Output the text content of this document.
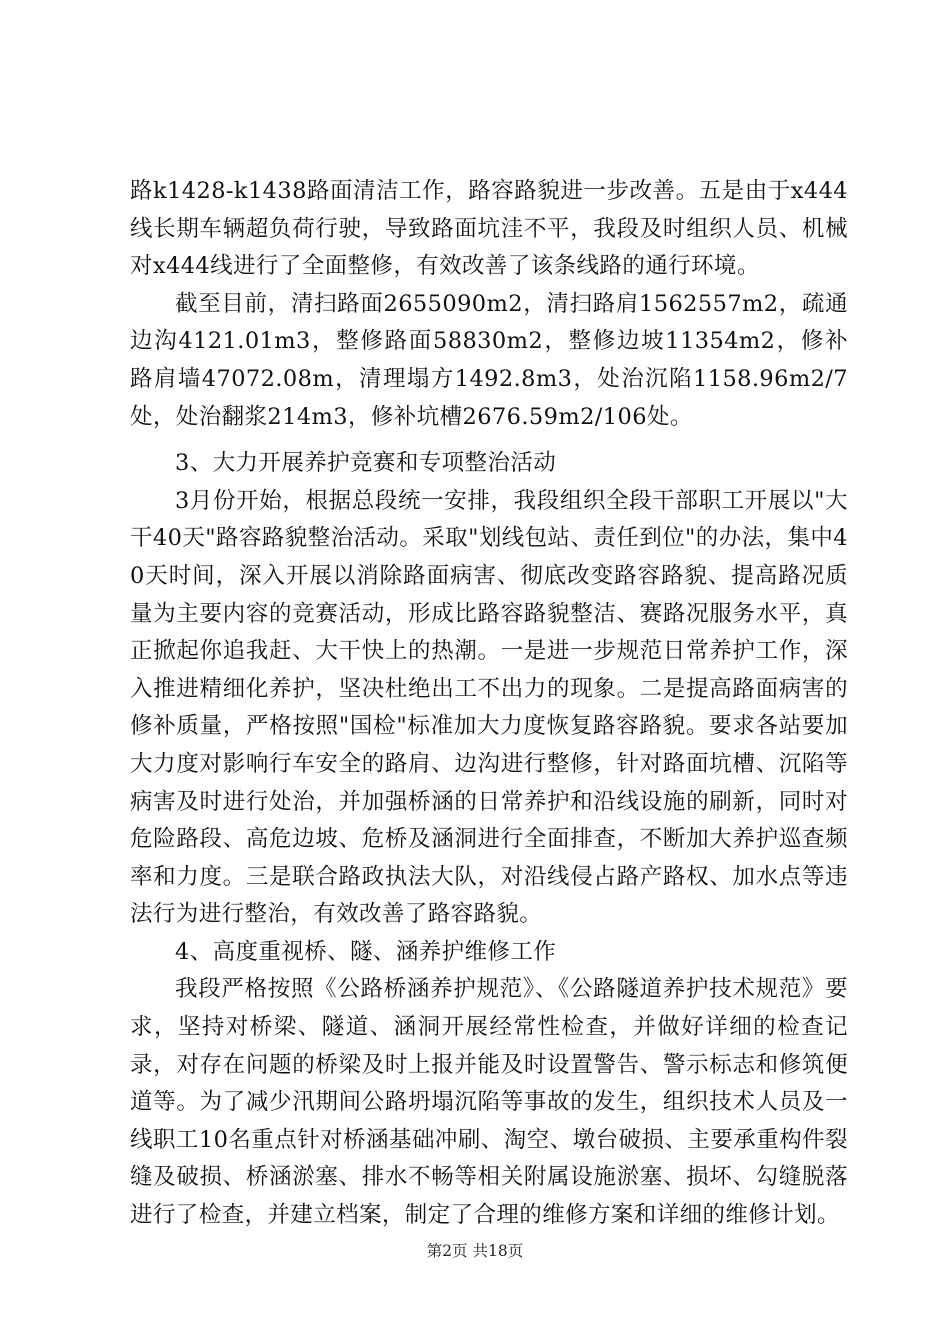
路k1428-k1438路面清洁工作，路容路貌进一步改善。五是由于x444线长期车辆超负荷行驶，导致路面坑洼不平，我段及时组织人员、机械对x444线进行了全面整修，有效改善了该条线路的通行环境。

截至目前，清扫路面2655090m2，清扫路肩1562557m2，疏通边沟4121.01m3，整修路面58830m2，整修边坡11354m2，修补路肩墙47072.08m，清理塌方1492.8m3，处治沉陷1158.96m2/7处，处治翻浆214m3，修补坑槽2676.59m2/106处。

3、大力开展养护竞赛和专项整治活动

3月份开始，根据总段统一安排，我段组织全段干部职工开展以"大干40天"路容路貌整治活动。采取"划线包站、责任到位"的办法，集中40天时间，深入开展以消除路面病害、彻底改变路容路貌、提高路况质量为主要内容的竞赛活动，形成比路容路貌整洁、赛路况服务水平，真正掀起你追我赶、大干快上的热潮。一是进一步规范日常养护工作，深入推进精细化养护，坚决杜绝出工不出力的现象。二是提高路面病害的修补质量，严格按照"国检"标准加大力度恢复路容路貌。要求各站要加大力度对影响行车安全的路肩、边沟进行整修，针对路面坑槽、沉陷等病害及时进行处治，并加强桥涵的日常养护和沿线设施的刷新，同时对危险路段、高危边坡、危桥及涵洞进行全面排查，不断加大养护巡查频率和力度。三是联合路政执法大队，对沿线侵占路产路权、加水点等违法行为进行整治，有效改善了路容路貌。

4、高度重视桥、隧、涵养护维修工作

我段严格按照《公路桥涵养护规范》、《公路隧道养护技术规范》要求，坚持对桥梁、隧道、涵洞开展经常性检查，并做好详细的检查记录，对存在问题的桥梁及时上报并能及时设置警告、警示标志和修筑便道等。为了减少汛期间公路坍塌沉陷等事故的发生，组织技术人员及一线职工10名重点针对桥涵基础冲刷、淘空、墩台破损、主要承重构件裂缝及破损、桥涵淤塞、排水不畅等相关附属设施淤塞、损坏、勾缝脱落进行了检查，并建立档案，制定了合理的维修方案和详细的维修计划。

第2页 共18页
